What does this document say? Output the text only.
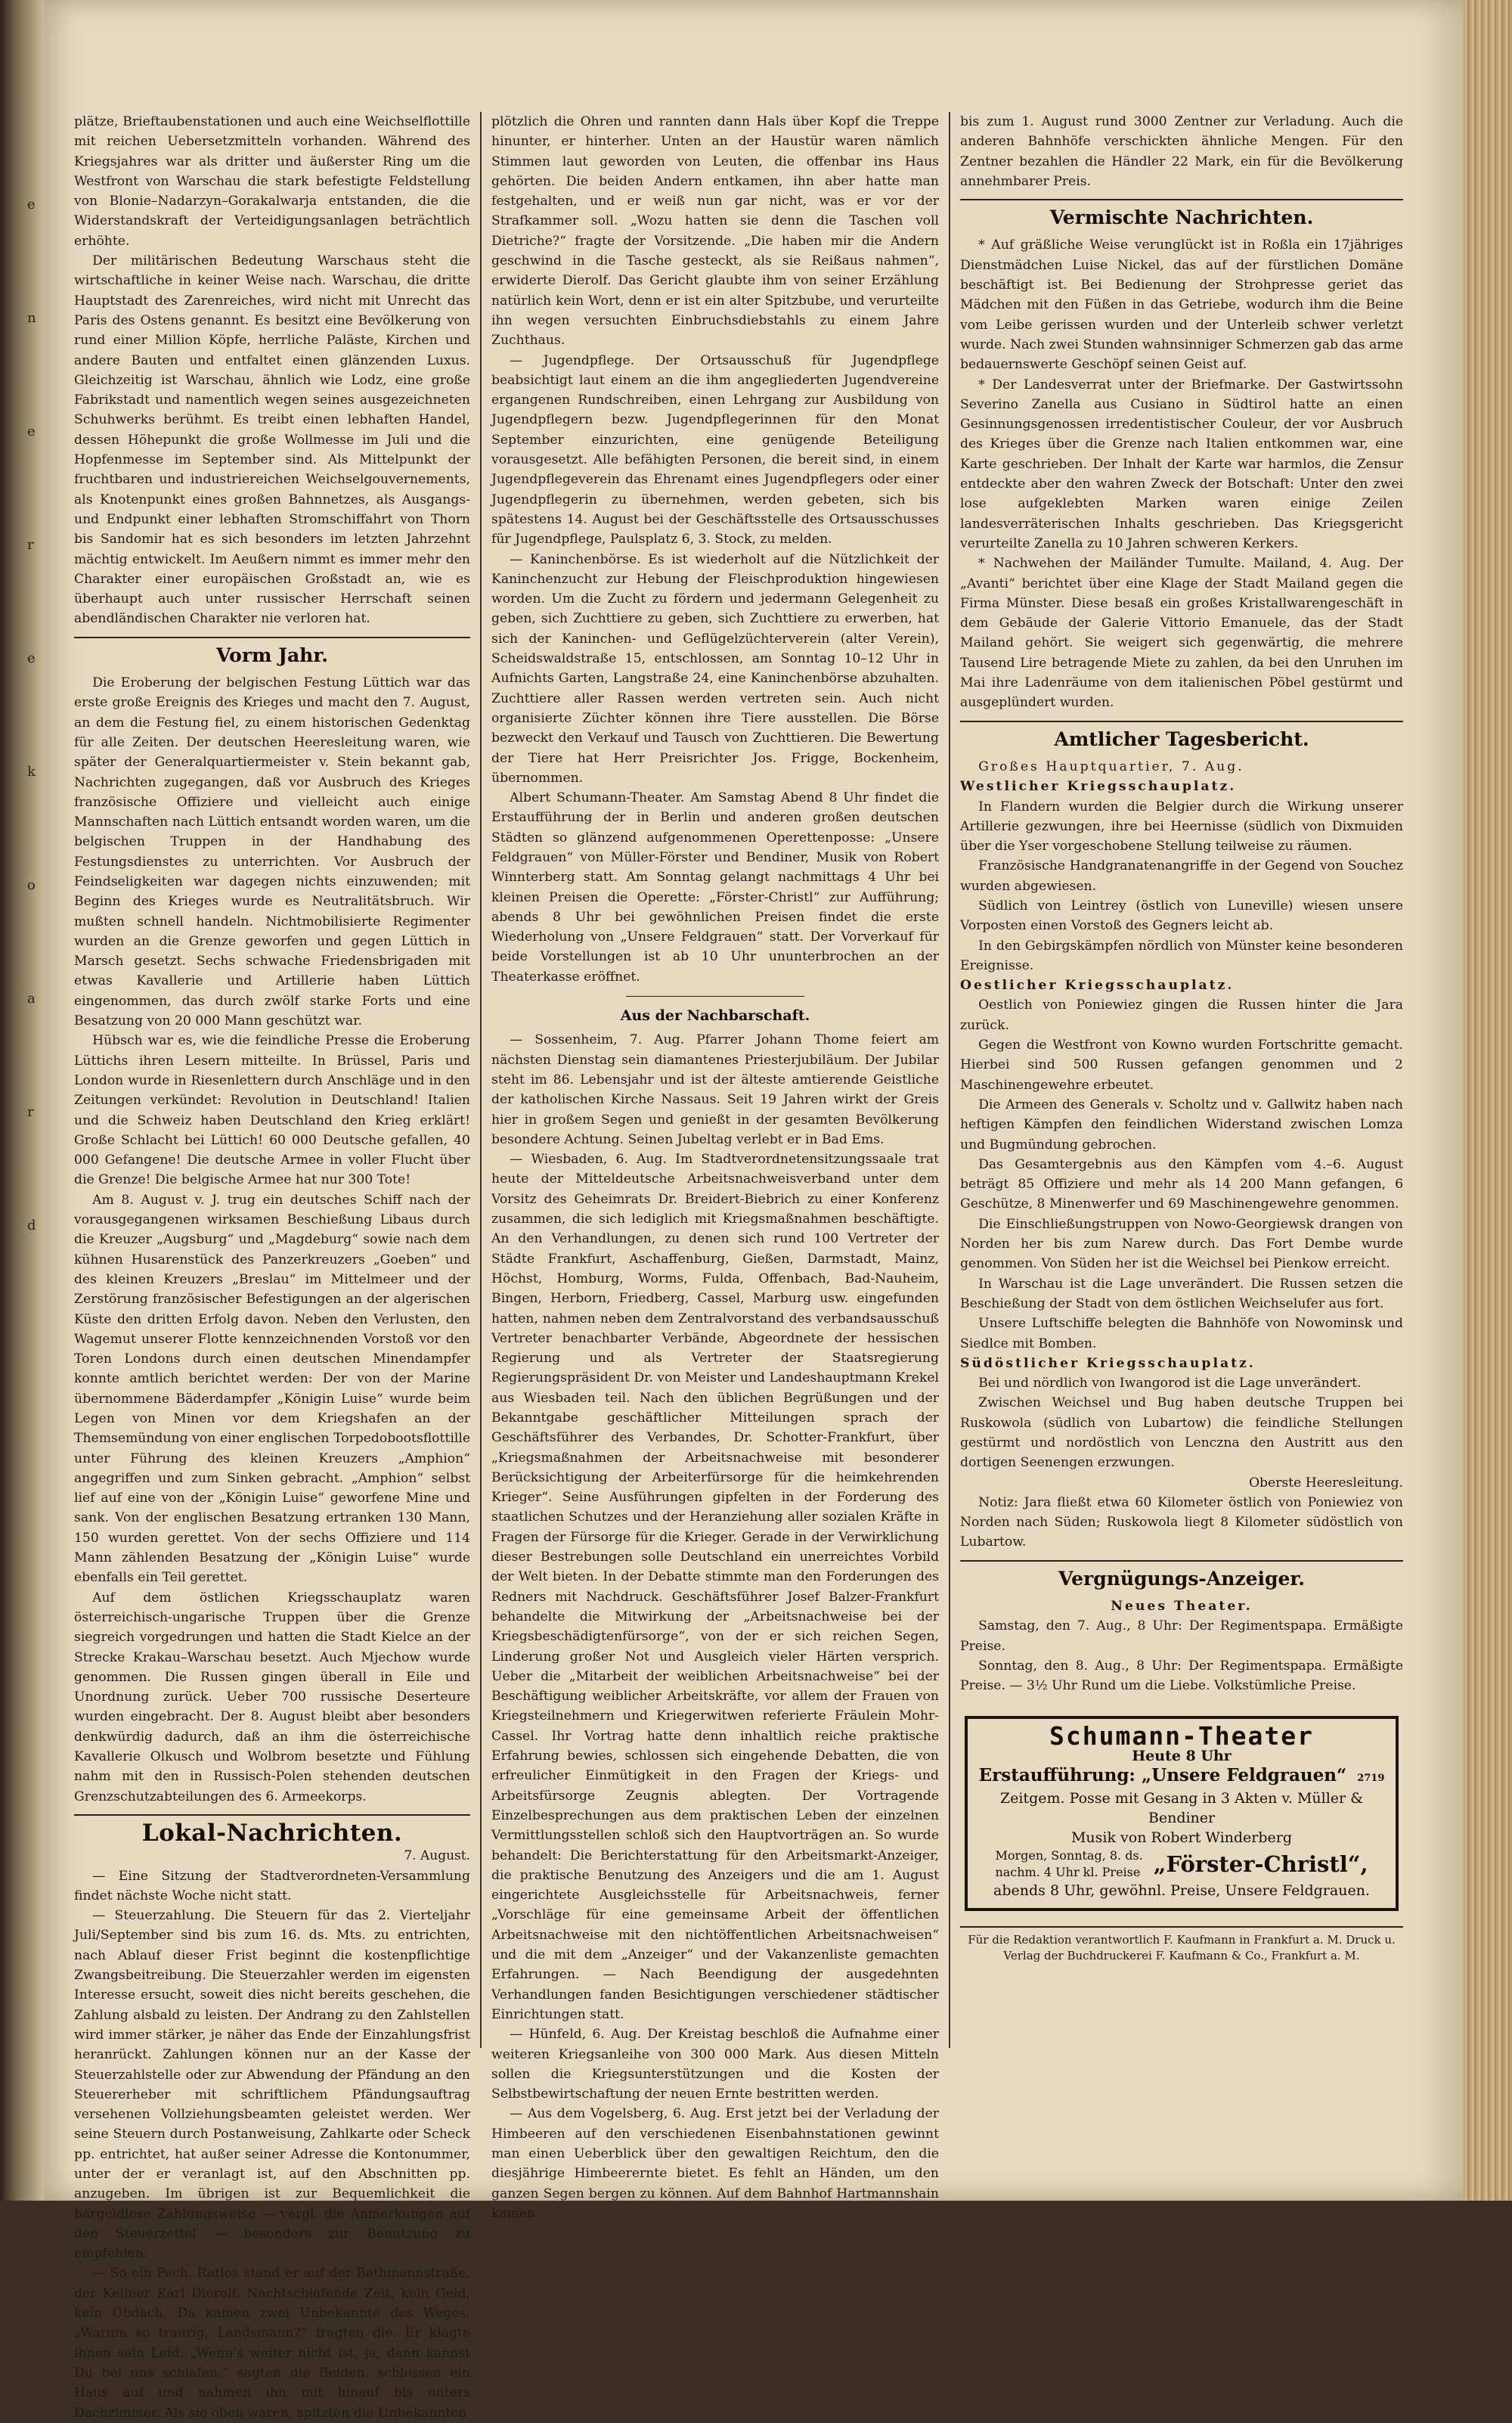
e
n
e
r
e
k
o
a
r
d

plätze, Brieftaubenstationen und auch eine Weichselflottille mit reichen Uebersetzmitteln vorhanden. Während des Kriegsjahres war als dritter und äußerster Ring um die Westfront von Warschau die stark befestigte Feldstellung von Blonie–Nadarzyn–Gorakalwarja entstanden, die die Widerstandskraft der Verteidigungsanlagen beträchtlich erhöhte.

Der militärischen Bedeutung Warschaus steht die wirtschaftliche in keiner Weise nach. Warschau, die dritte Hauptstadt des Zarenreiches, wird nicht mit Unrecht das Paris des Ostens genannt. Es besitzt eine Bevölkerung von rund einer Million Köpfe, herrliche Paläste, Kirchen und andere Bauten und entfaltet einen glänzenden Luxus. Gleichzeitig ist Warschau, ähnlich wie Lodz, eine große Fabrikstadt und namentlich wegen seines ausgezeichneten Schuhwerks berühmt. Es treibt einen lebhaften Handel, dessen Höhepunkt die große Wollmesse im Juli und die Hopfenmesse im September sind. Als Mittelpunkt der fruchtbaren und industriereichen Weichselgouvernements, als Knotenpunkt eines großen Bahnnetzes, als Ausgangs- und Endpunkt einer lebhaften Stromschiffahrt von Thorn bis Sandomir hat es sich besonders im letzten Jahrzehnt mächtig entwickelt. Im Aeußern nimmt es immer mehr den Charakter einer europäischen Großstadt an, wie es überhaupt auch unter russischer Herrschaft seinen abendländischen Charakter nie verloren hat.

Vorm Jahr.

Die Eroberung der belgischen Festung Lüttich war das erste große Ereignis des Krieges und macht den 7. August, an dem die Festung fiel, zu einem historischen Gedenktag für alle Zeiten. Der deutschen Heeresleitung waren, wie später der Generalquartiermeister v. Stein bekannt gab, Nachrichten zugegangen, daß vor Ausbruch des Krieges französische Offiziere und vielleicht auch einige Mannschaften nach Lüttich entsandt worden waren, um die belgischen Truppen in der Handhabung des Festungsdienstes zu unterrichten. Vor Ausbruch der Feindseligkeiten war dagegen nichts einzuwenden; mit Beginn des Krieges wurde es Neutralitätsbruch. Wir mußten schnell handeln. Nichtmobilisierte Regimenter wurden an die Grenze geworfen und gegen Lüttich in Marsch gesetzt. Sechs schwache Friedensbrigaden mit etwas Kavallerie und Artillerie haben Lüttich eingenommen, das durch zwölf starke Forts und eine Besatzung von 20 000 Mann geschützt war.

Hübsch war es, wie die feindliche Presse die Eroberung Lüttichs ihren Lesern mitteilte. In Brüssel, Paris und London wurde in Riesenlettern durch Anschläge und in den Zeitungen verkündet: Revolution in Deutschland! Italien und die Schweiz haben Deutschland den Krieg erklärt! Große Schlacht bei Lüttich! 60 000 Deutsche gefallen, 40 000 Gefangene! Die deutsche Armee in voller Flucht über die Grenze! Die belgische Armee hat nur 300 Tote!

Am 8. August v. J. trug ein deutsches Schiff nach der vorausgegangenen wirksamen Beschießung Libaus durch die Kreuzer „Augsburg“ und „Magdeburg“ sowie nach dem kühnen Husarenstück des Panzerkreuzers „Goeben“ und des kleinen Kreuzers „Breslau“ im Mittelmeer und der Zerstörung französischer Befestigungen an der algerischen Küste den dritten Erfolg davon. Neben den Verlusten, den Wagemut unserer Flotte kennzeichnenden Vorstoß vor den Toren Londons durch einen deutschen Minendampfer konnte amtlich berichtet werden: Der von der Marine übernommene Bäderdampfer „Königin Luise“ wurde beim Legen von Minen vor dem Kriegshafen an der Themsemündung von einer englischen Torpedobootsflottille unter Führung des kleinen Kreuzers „Amphion“ angegriffen und zum Sinken gebracht. „Amphion“ selbst lief auf eine von der „Königin Luise“ geworfene Mine und sank. Von der englischen Besatzung ertranken 130 Mann, 150 wurden gerettet. Von der sechs Offiziere und 114 Mann zählenden Besatzung der „Königin Luise“ wurde ebenfalls ein Teil gerettet.

Auf dem östlichen Kriegsschauplatz waren österreichisch-ungarische Truppen über die Grenze siegreich vorgedrungen und hatten die Stadt Kielce an der Strecke Krakau–Warschau besetzt. Auch Mjechow wurde genommen. Die Russen gingen überall in Eile und Unordnung zurück. Ueber 700 russische Deserteure wurden eingebracht. Der 8. August bleibt aber besonders denkwürdig dadurch, daß an ihm die österreichische Kavallerie Olkusch und Wolbrom besetzte und Fühlung nahm mit den in Russisch-Polen stehenden deutschen Grenzschutzabteilungen des 6. Armeekorps.

Lokal-Nachrichten.
7. August.

— Eine Sitzung der Stadtverordneten-Versammlung findet nächste Woche nicht statt.

— Steuerzahlung. Die Steuern für das 2. Vierteljahr Juli/September sind bis zum 16. ds. Mts. zu entrichten, nach Ablauf dieser Frist beginnt die kostenpflichtige Zwangsbeitreibung. Die Steuerzahler werden im eigensten Interesse ersucht, soweit dies nicht bereits geschehen, die Zahlung alsbald zu leisten. Der Andrang zu den Zahlstellen wird immer stärker, je näher das Ende der Einzahlungsfrist heranrückt. Zahlungen können nur an der Kasse der Steuerzahlstelle oder zur Abwendung der Pfändung an den Steuererheber mit schriftlichem Pfändungsauftrag versehenen Vollziehungsbeamten geleistet werden. Wer seine Steuern durch Postanweisung, Zahlkarte oder Scheck pp. entrichtet, hat außer seiner Adresse die Kontonummer, unter der er veranlagt ist, auf den Abschnitten pp. anzugeben. Im übrigen ist zur Bequemlichkeit die bargeldlose Zahlungsweise — vergl. die Anmerkungen auf den Steuerzettel — besonders zur Benutzung zu empfehlen.

— So ein Pech. Ratlos stand er auf der Bethmannstraße, der Kellner Karl Dierolf. Nachtschlafende Zeit, kein Geld, kein Obdach. Da kamen zwei Unbekannte des Weges: „Warum so traurig, Landsmann?“ fragten die. Er klagte ihnen sein Leid. „Wenn's weiter nicht ist, ja, dann kannst Du bei uns schlafen,“ sagten die Beiden, schlossen ein Haus auf und nahmen ihn mit hinauf bis unters Dachzimmer. Als sie oben waren, spitzten die Unbekannten

plötzlich die Ohren und rannten dann Hals über Kopf die Treppe hinunter, er hinterher. Unten an der Haustür waren nämlich Stimmen laut geworden von Leuten, die offenbar ins Haus gehörten. Die beiden Andern entkamen, ihn aber hatte man festgehalten, und er weiß nun gar nicht, was er vor der Strafkammer soll. „Wozu hatten sie denn die Taschen voll Dietriche?“ fragte der Vorsitzende. „Die haben mir die Andern geschwind in die Tasche gesteckt, als sie Reißaus nahmen“, erwiderte Dierolf. Das Gericht glaubte ihm von seiner Erzählung natürlich kein Wort, denn er ist ein alter Spitzbube, und verurteilte ihn wegen versuchten Einbruchsdiebstahls zu einem Jahre Zuchthaus.

— Jugendpflege. Der Ortsausschuß für Jugendpflege beabsichtigt laut einem an die ihm angegliederten Jugendvereine ergangenen Rundschreiben, einen Lehrgang zur Ausbildung von Jugendpflegern bezw. Jugendpflegerinnen für den Monat September einzurichten, eine genügende Beteiligung vorausgesetzt. Alle befähigten Personen, die bereit sind, in einem Jugendpflegeverein das Ehrenamt eines Jugendpflegers oder einer Jugendpflegerin zu übernehmen, werden gebeten, sich bis spätestens 14. August bei der Geschäftsstelle des Ortsausschusses für Jugendpflege, Paulsplatz 6, 3. Stock, zu melden.

— Kaninchenbörse. Es ist wiederholt auf die Nützlichkeit der Kaninchenzucht zur Hebung der Fleischproduktion hingewiesen worden. Um die Zucht zu fördern und jedermann Gelegenheit zu geben, sich Zuchttiere zu geben, sich Zuchttiere zu erwerben, hat sich der Kaninchen- und Geflügelzüchterverein (alter Verein), Scheidswaldstraße 15, entschlossen, am Sonntag 10–12 Uhr in Aufnichts Garten, Langstraße 24, eine Kaninchenbörse abzuhalten. Zuchttiere aller Rassen werden vertreten sein. Auch nicht organisierte Züchter können ihre Tiere ausstellen. Die Börse bezweckt den Verkauf und Tausch von Zuchttieren. Die Bewertung der Tiere hat Herr Preisrichter Jos. Frigge, Bockenheim, übernommen.

Albert Schumann-Theater. Am Samstag Abend 8 Uhr findet die Erstaufführung der in Berlin und anderen großen deutschen Städten so glänzend aufgenommenen Operettenposse: „Unsere Feldgrauen“ von Müller-Förster und Bendiner, Musik von Robert Winnterberg statt. Am Sonntag gelangt nachmittags 4 Uhr bei kleinen Preisen die Operette: „Förster-Christl“ zur Aufführung; abends 8 Uhr bei gewöhnlichen Preisen findet die erste Wiederholung von „Unsere Feldgrauen“ statt. Der Vorverkauf für beide Vorstellungen ist ab 10 Uhr ununterbrochen an der Theaterkasse eröffnet.

Aus der Nachbarschaft.

— Sossenheim, 7. Aug. Pfarrer Johann Thome feiert am nächsten Dienstag sein diamantenes Priesterjubiläum. Der Jubilar steht im 86. Lebensjahr und ist der älteste amtierende Geistliche der katholischen Kirche Nassaus. Seit 19 Jahren wirkt der Greis hier in großem Segen und genießt in der gesamten Bevölkerung besondere Achtung. Seinen Jubeltag verlebt er in Bad Ems.

— Wiesbaden, 6. Aug. Im Stadtverordnetensitzungssaale trat heute der Mitteldeutsche Arbeitsnachweisverband unter dem Vorsitz des Geheimrats Dr. Breidert-Biebrich zu einer Konferenz zusammen, die sich lediglich mit Kriegsmaßnahmen beschäftigte. An den Verhandlungen, zu denen sich rund 100 Vertreter der Städte Frankfurt, Aschaffenburg, Gießen, Darmstadt, Mainz, Höchst, Homburg, Worms, Fulda, Offenbach, Bad-Nauheim, Bingen, Herborn, Friedberg, Cassel, Marburg usw. eingefunden hatten, nahmen neben dem Zentralvorstand des verbandsausschuß Vertreter benachbarter Verbände, Abgeordnete der hessischen Regierung und als Vertreter der Staatsregierung Regierungspräsident Dr. von Meister und Landeshauptmann Krekel aus Wiesbaden teil. Nach den üblichen Begrüßungen und der Bekanntgabe geschäftlicher Mitteilungen sprach der Geschäftsführer des Verbandes, Dr. Schotter-Frankfurt, über „Kriegsmaßnahmen der Arbeitsnachweise mit besonderer Berücksichtigung der Arbeiterfürsorge für die heimkehrenden Krieger“. Seine Ausführungen gipfelten in der Forderung des staatlichen Schutzes und der Heranziehung aller sozialen Kräfte in Fragen der Fürsorge für die Krieger. Gerade in der Verwirklichung dieser Bestrebungen solle Deutschland ein unerreichtes Vorbild der Welt bieten. In der Debatte stimmte man den Forderungen des Redners mit Nachdruck. Geschäftsführer Josef Balzer-Frankfurt behandelte die Mitwirkung der „Arbeitsnachweise bei der Kriegsbeschädigtenfürsorge“, von der er sich reichen Segen, Linderung großer Not und Ausgleich vieler Härten versprich. Ueber die „Mitarbeit der weiblichen Arbeitsnachweise“ bei der Beschäftigung weiblicher Arbeitskräfte, vor allem der Frauen von Kriegsteilnehmern und Kriegerwitwen referierte Fräulein Mohr-Cassel. Ihr Vortrag hatte denn inhaltlich reiche praktische Erfahrung bewies, schlossen sich eingehende Debatten, die von erfreulicher Einmütigkeit in den Fragen der Kriegs- und Arbeitsfürsorge Zeugnis ablegten. Der Vortragende Einzelbesprechungen aus dem praktischen Leben der einzelnen Vermittlungsstellen schloß sich den Hauptvorträgen an. So wurde behandelt: Die Berichterstattung für den Arbeitsmarkt-Anzeiger, die praktische Benutzung des Anzeigers und die am 1. August eingerichtete Ausgleichsstelle für Arbeitsnachweis, ferner „Vorschläge für eine gemeinsame Arbeit der öffentlichen Arbeitsnachweise mit den nichtöffentlichen Arbeitsnachweisen“ und die mit dem „Anzeiger“ und der Vakanzenliste gemachten Erfahrungen. — Nach Beendigung der ausgedehnten Verhandlungen fanden Besichtigungen verschiedener städtischer Einrichtungen statt.

— Hünfeld, 6. Aug. Der Kreistag beschloß die Aufnahme einer weiteren Kriegsanleihe von 300 000 Mark. Aus diesen Mitteln sollen die Kriegsunterstützungen und die Kosten der Selbstbewirtschaftung der neuen Ernte bestritten werden.

— Aus dem Vogelsberg, 6. Aug. Erst jetzt bei der Verladung der Himbeeren auf den verschiedenen Eisenbahnstationen gewinnt man einen Ueberblick über den gewaltigen Reichtum, den die diesjährige Himbeerernte bietet. Es fehlt an Händen, um den ganzen Segen bergen zu können. Auf dem Bahnhof Hartmannshain kamen

bis zum 1. August rund 3000 Zentner zur Verladung. Auch die anderen Bahnhöfe verschickten ähnliche Mengen. Für den Zentner bezahlen die Händler 22 Mark, ein für die Bevölkerung annehmbarer Preis.

Vermischte Nachrichten.

* Auf gräßliche Weise verunglückt ist in Roßla ein 17jähriges Dienstmädchen Luise Nickel, das auf der fürstlichen Domäne beschäftigt ist. Bei Bedienung der Strohpresse geriet das Mädchen mit den Füßen in das Getriebe, wodurch ihm die Beine vom Leibe gerissen wurden und der Unterleib schwer verletzt wurde. Nach zwei Stunden wahnsinniger Schmerzen gab das arme bedauernswerte Geschöpf seinen Geist auf.

* Der Landesverrat unter der Briefmarke. Der Gastwirtssohn Severino Zanella aus Cusiano in Südtirol hatte an einen Gesinnungsgenossen irredentistischer Couleur, der vor Ausbruch des Krieges über die Grenze nach Italien entkommen war, eine Karte geschrieben. Der Inhalt der Karte war harmlos, die Zensur entdeckte aber den wahren Zweck der Botschaft: Unter den zwei lose aufgeklebten Marken waren einige Zeilen landesverräterischen Inhalts geschrieben. Das Kriegsgericht verurteilte Zanella zu 10 Jahren schweren Kerkers.

* Nachwehen der Mailänder Tumulte. Mailand, 4. Aug. Der „Avanti“ berichtet über eine Klage der Stadt Mailand gegen die Firma Münster. Diese besaß ein großes Kristallwarengeschäft in dem Gebäude der Galerie Vittorio Emanuele, das der Stadt Mailand gehört. Sie weigert sich gegenwärtig, die mehrere Tausend Lire betragende Miete zu zahlen, da bei den Unruhen im Mai ihre Ladenräume von dem italienischen Pöbel gestürmt und ausgeplündert wurden.

Amtlicher Tagesbericht.

Großes Hauptquartier, 7. Aug.

Westlicher Kriegsschauplatz.

In Flandern wurden die Belgier durch die Wirkung unserer Artillerie gezwungen, ihre bei Heernisse (südlich von Dixmuiden über die Yser vorgeschobene Stellung teilweise zu räumen.

Französische Handgranatenangriffe in der Gegend von Souchez wurden abgewiesen.

Südlich von Leintrey (östlich von Luneville) wiesen unsere Vorposten einen Vorstoß des Gegners leicht ab.

In den Gebirgskämpfen nördlich von Münster keine besonderen Ereignisse.

Oestlicher Kriegsschauplatz.

Oestlich von Poniewiez gingen die Russen hinter die Jara zurück.

Gegen die Westfront von Kowno wurden Fortschritte gemacht. Hierbei sind 500 Russen gefangen genommen und 2 Maschinengewehre erbeutet.

Die Armeen des Generals v. Scholtz und v. Gallwitz haben nach heftigen Kämpfen den feindlichen Widerstand zwischen Lomza und Bugmündung gebrochen.

Das Gesamtergebnis aus den Kämpfen vom 4.–6. August beträgt 85 Offiziere und mehr als 14 200 Mann gefangen, 6 Geschütze, 8 Minenwerfer und 69 Maschinengewehre genommen.

Die Einschließungstruppen von Nowo-Georgiewsk drangen von Norden her bis zum Narew durch. Das Fort Dembe wurde genommen. Von Süden her ist die Weichsel bei Pienkow erreicht.

In Warschau ist die Lage unverändert. Die Russen setzen die Beschießung der Stadt von dem östlichen Weichselufer aus fort.

Unsere Luftschiffe belegten die Bahnhöfe von Nowominsk und Siedlce mit Bomben.

Südöstlicher Kriegsschauplatz.

Bei und nördlich von Iwangorod ist die Lage unverändert.

Zwischen Weichsel und Bug haben deutsche Truppen bei Ruskowola (südlich von Lubartow) die feindliche Stellungen gestürmt und nordöstlich von Lenczna den Austritt aus den dortigen Seenengen erzwungen.

Oberste Heeresleitung.

Notiz: Jara fließt etwa 60 Kilometer östlich von Poniewiez von Norden nach Süden; Ruskowola liegt 8 Kilometer südöstlich von Lubartow.

Vergnügungs-Anzeiger.

Neues Theater.

Samstag, den 7. Aug., 8 Uhr: Der Regimentspapa. Ermäßigte Preise.

Sonntag, den 8. Aug., 8 Uhr: Der Regimentspapa. Ermäßigte Preise. — 3½ Uhr Rund um die Liebe. Volkstümliche Preise.

Schumann-Theater
Heute 8 Uhr
Erstaufführung: „Unsere Feldgrauen“ 2719
Zeitgem. Posse mit Gesang in 3 Akten v. Müller & Bendiner
Musik von Robert Winderberg
Morgen, Sonntag, 8. ds.
nachm. 4 Uhr kl. Preise „Förster-Christl“,
abends 8 Uhr, gewöhnl. Preise, Unsere Feldgrauen.
Für die Redaktion verantwortlich F. Kaufmann in Frankfurt a. M. Druck u. Verlag der Buchdruckerei F. Kaufmann & Co., Frankfurt a. M.
